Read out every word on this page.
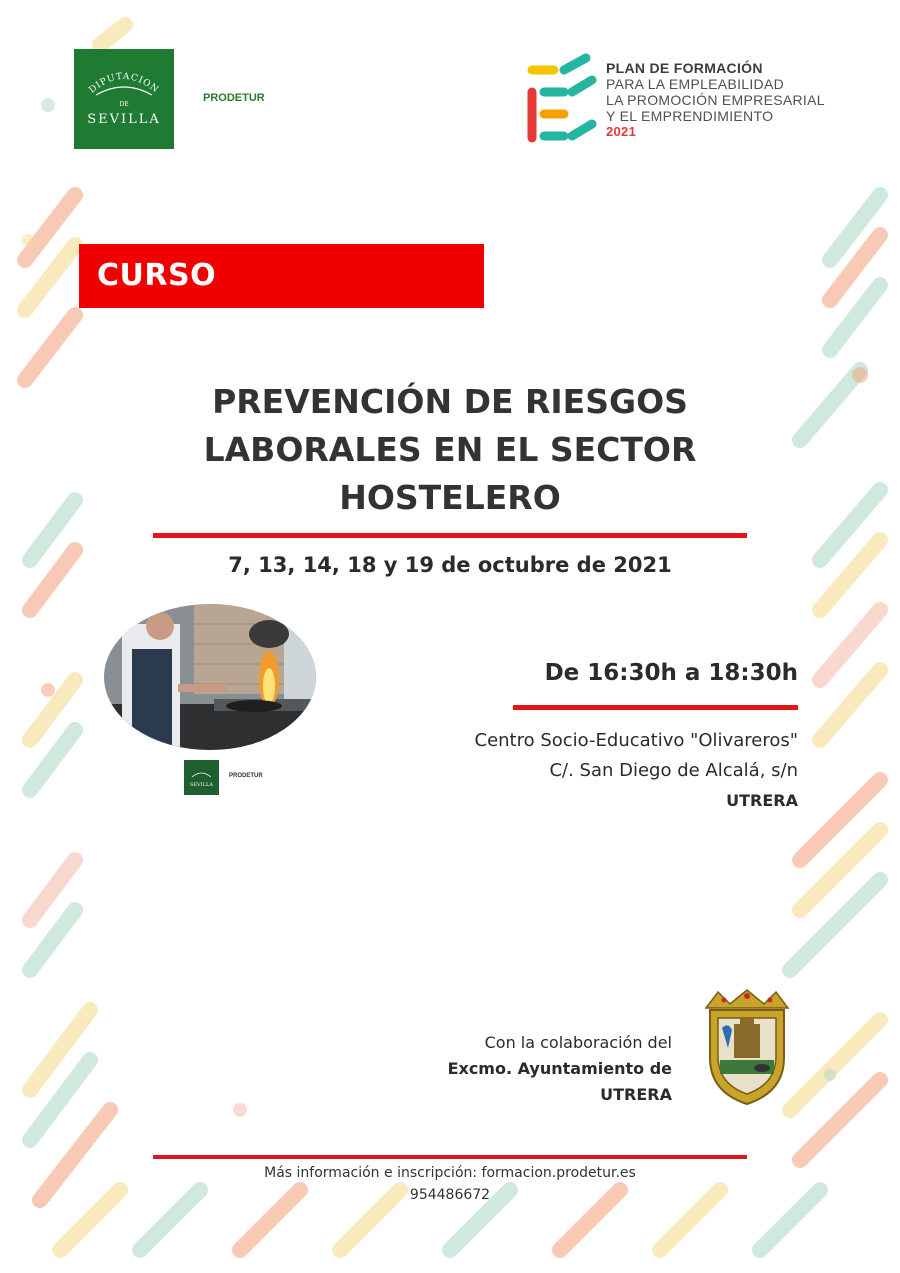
DIPUTACION
DE
SEVILLA
PRODETUR
PLAN DE FORMACIÓN
PARA LA EMPLEABILIDAD
LA PROMOCIÓN EMPRESARIAL
Y EL EMPRENDIMIENTO
2021
CURSO
PREVENCIÓN DE RIESGOS
LABORALES EN EL SECTOR
HOSTELERO
7, 13, 14, 18 y 19 de octubre de 2021
SEVILLA
PRODETUR
De 16:30h a 18:30h
Centro Socio-Educativo "Olivareros"
C/. San Diego de Alcalá, s/n
UTRERA
Con la colaboración del
Excmo. Ayuntamiento de
UTRERA
Más información e inscripción: formacion.prodetur.es
954486672
